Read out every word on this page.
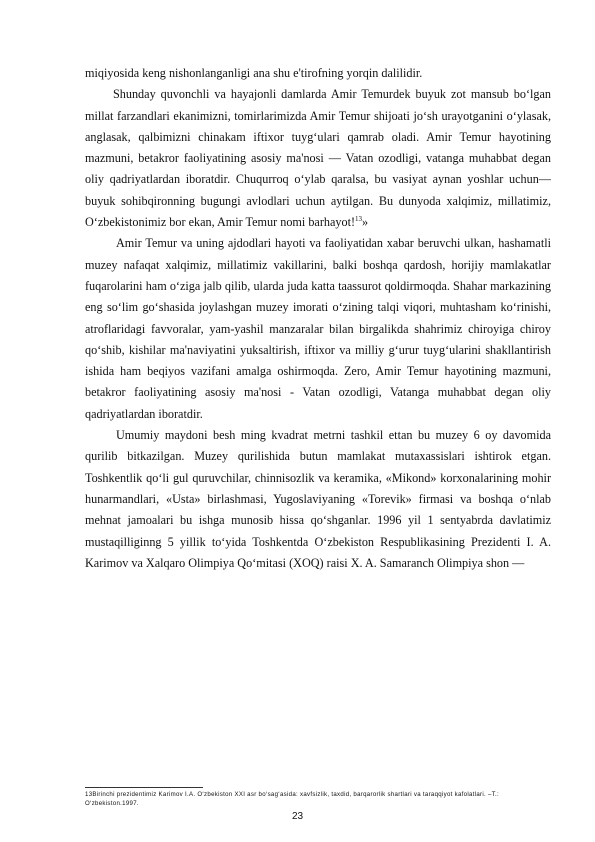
miqiyosida keng nishonlanganligi ana shu e'tirofning yorqin dalilidir.

Shunday quvonchli va hayajonli damlarda Amir Temurdek buyuk zot mansub bo‘lgan millat farzandlari ekanimizni, tomirlarimizda Amir Temur shijoati jo‘sh urayotganini o‘ylasak, anglasak, qalbimizni chinakam iftixor tuyg‘ulari qamrab oladi. Amir Temur hayotining mazmuni, betakror faoliyatining asosiy ma'nosi — Vatan ozodligi, vatanga muhabbat degan oliy qadriyatlardan iboratdir. Chuqurroq o‘ylab qaralsa, bu vasiyat aynan yoshlar uchun— buyuk sohibqironning bugungi avlodlari uchun aytilgan. Bu dunyoda xalqimiz, millatimiz, O‘zbekistonimiz bor ekan, Amir Temur nomi barhayot!$^{13}$»

Amir Temur va uning ajdodlari hayoti va faoliyatidan xabar beruvchi ulkan, hashamatli muzey nafaqat xalqimiz, millatimiz vakillarini, balki boshqa qardosh, horijiy mamlakatlar fuqarolarini ham o‘ziga jalb qilib, ularda juda katta taassurot qoldirmoqda. Shahar markazining eng so‘lim go‘shasida joylashgan muzey imorati o‘zining talqi viqori, muhtasham ko‘rinishi, atroflaridagi favvoralar, yam-yashil manzaralar bilan birgalikda shahrimiz chiroyiga chiroy qo‘shib, kishilar ma'naviyatini yuksaltirish, iftixor va milliy g‘urur tuyg‘ularini shakllantirish ishida ham beqiyos vazifani amalga oshirmoqda. Zero, Amir Temur hayotining mazmuni, betakror faoliyatining asosiy ma'nosi - Vatan ozodligi, Vatanga muhabbat degan oliy qadriyatlardan iboratdir.

Umumiy maydoni besh ming kvadrat metrni tashkil ettan bu muzey 6 oy davomida qurilib bitkazilgan. Muzey qurilishida butun mamlakat mutaxassislari ishtirok etgan. Toshkentlik qo‘li gul quruvchilar, chinnisozlik va keramika, «Mikond» korxonalarining mohir hunarmandlari, «Usta» birlashmasi, Yugoslaviyaning «Torevik» firmasi va boshqa o‘nlab mehnat jamoalari bu ishga munosib hissa qo‘shganlar. 1996 yil 1 sentyabrda davlatimiz mustaqilliginng 5 yillik to‘yida Toshkentda O‘zbekiston Respublikasining Prezidenti I. A. Karimov va Xalqaro Olimpiya Qo‘mitasi (XOQ) raisi X. A. Samaranch Olimpiya shon —

13Birinchi prezidentimiz Karimov I.A. O‘zbekiston XXI asr bo‘sag‘asida: xavfsizlik, taxdid, barqarorlik shartlari va taraqqiyot kafolatlari. –T.: O‘zbekiston.1997.

23
